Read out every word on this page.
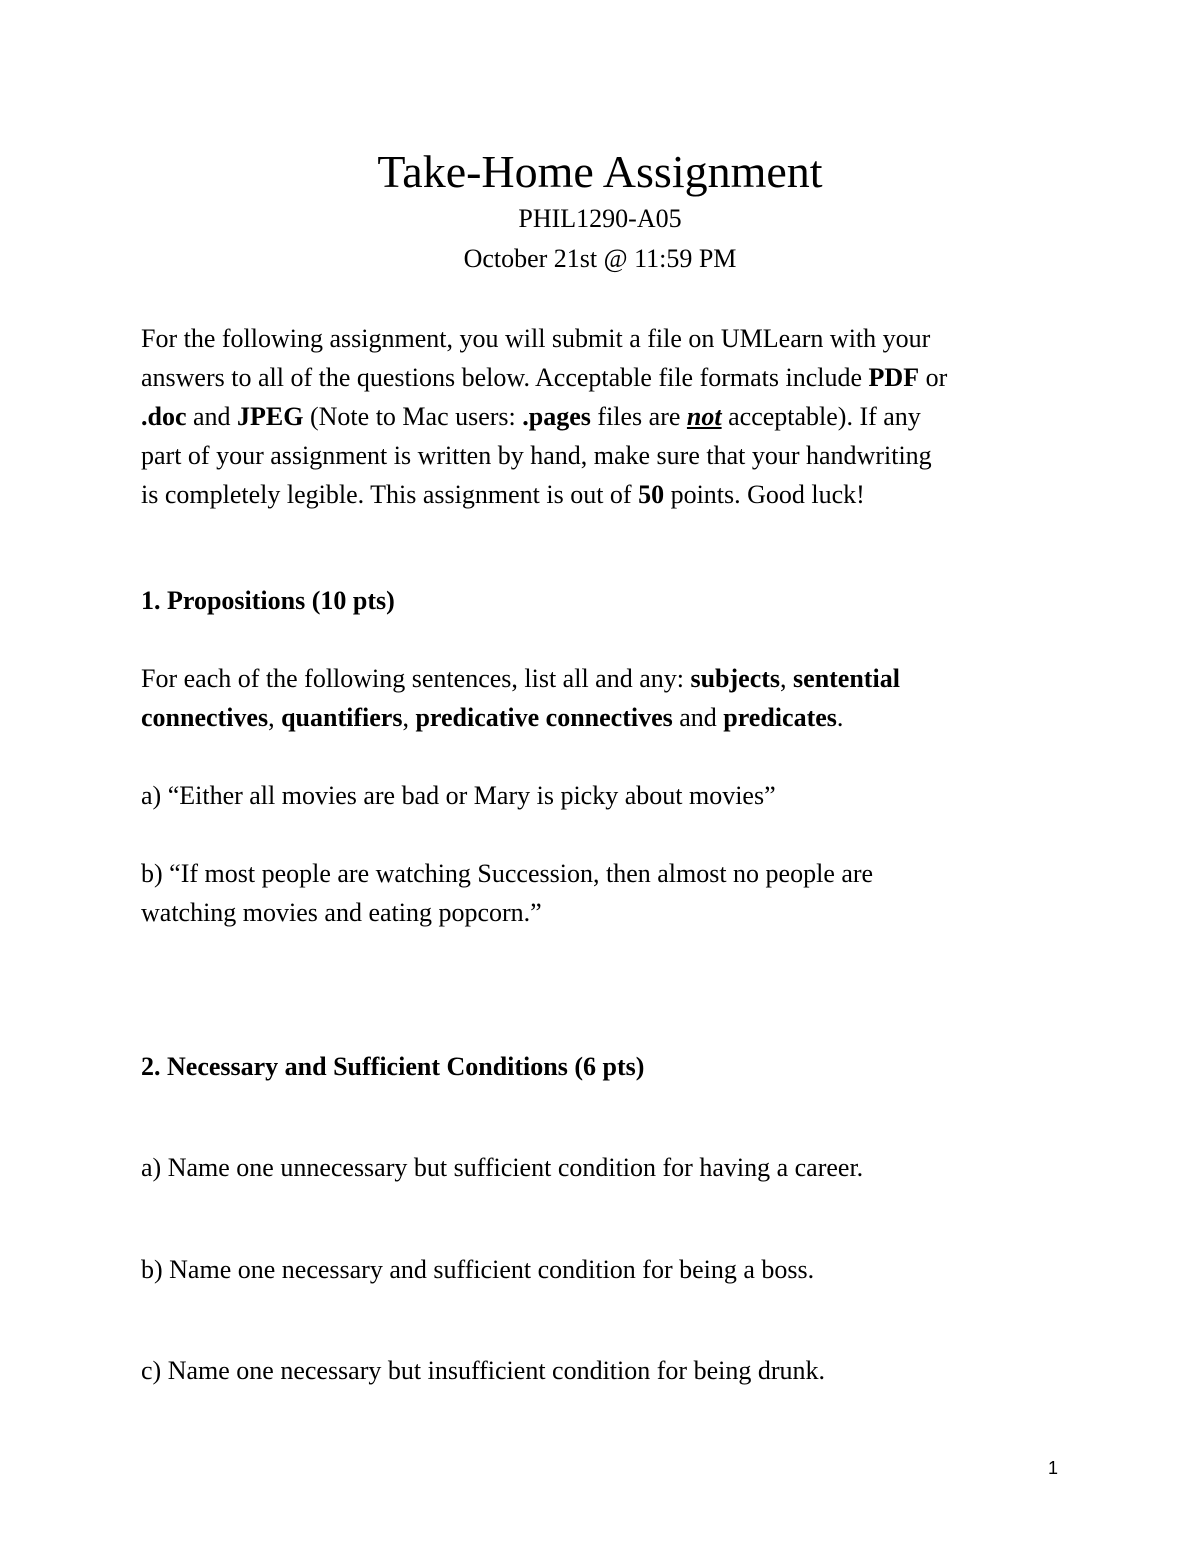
Take-Home Assignment
PHIL1290-A05
October 21st @ 11:59 PM
For the following assignment, you will submit a file on UMLearn with your
answers to all of the questions below. Acceptable file formats include PDF or
.doc and JPEG (Note to Mac users: .pages files are not acceptable). If any
part of your assignment is written by hand, make sure that your handwriting
is completely legible. This assignment is out of 50 points. Good luck!
1. Propositions (10 pts)
For each of the following sentences, list all and any: subjects, sentential
connectives, quantifiers, predicative connectives and predicates.
a) “Either all movies are bad or Mary is picky about movies”
b) “If most people are watching Succession, then almost no people are
watching movies and eating popcorn.”
2. Necessary and Sufficient Conditions (6 pts)
a) Name one unnecessary but sufficient condition for having a career.
b) Name one necessary and sufficient condition for being a boss.
c) Name one necessary but insufficient condition for being drunk.
1
